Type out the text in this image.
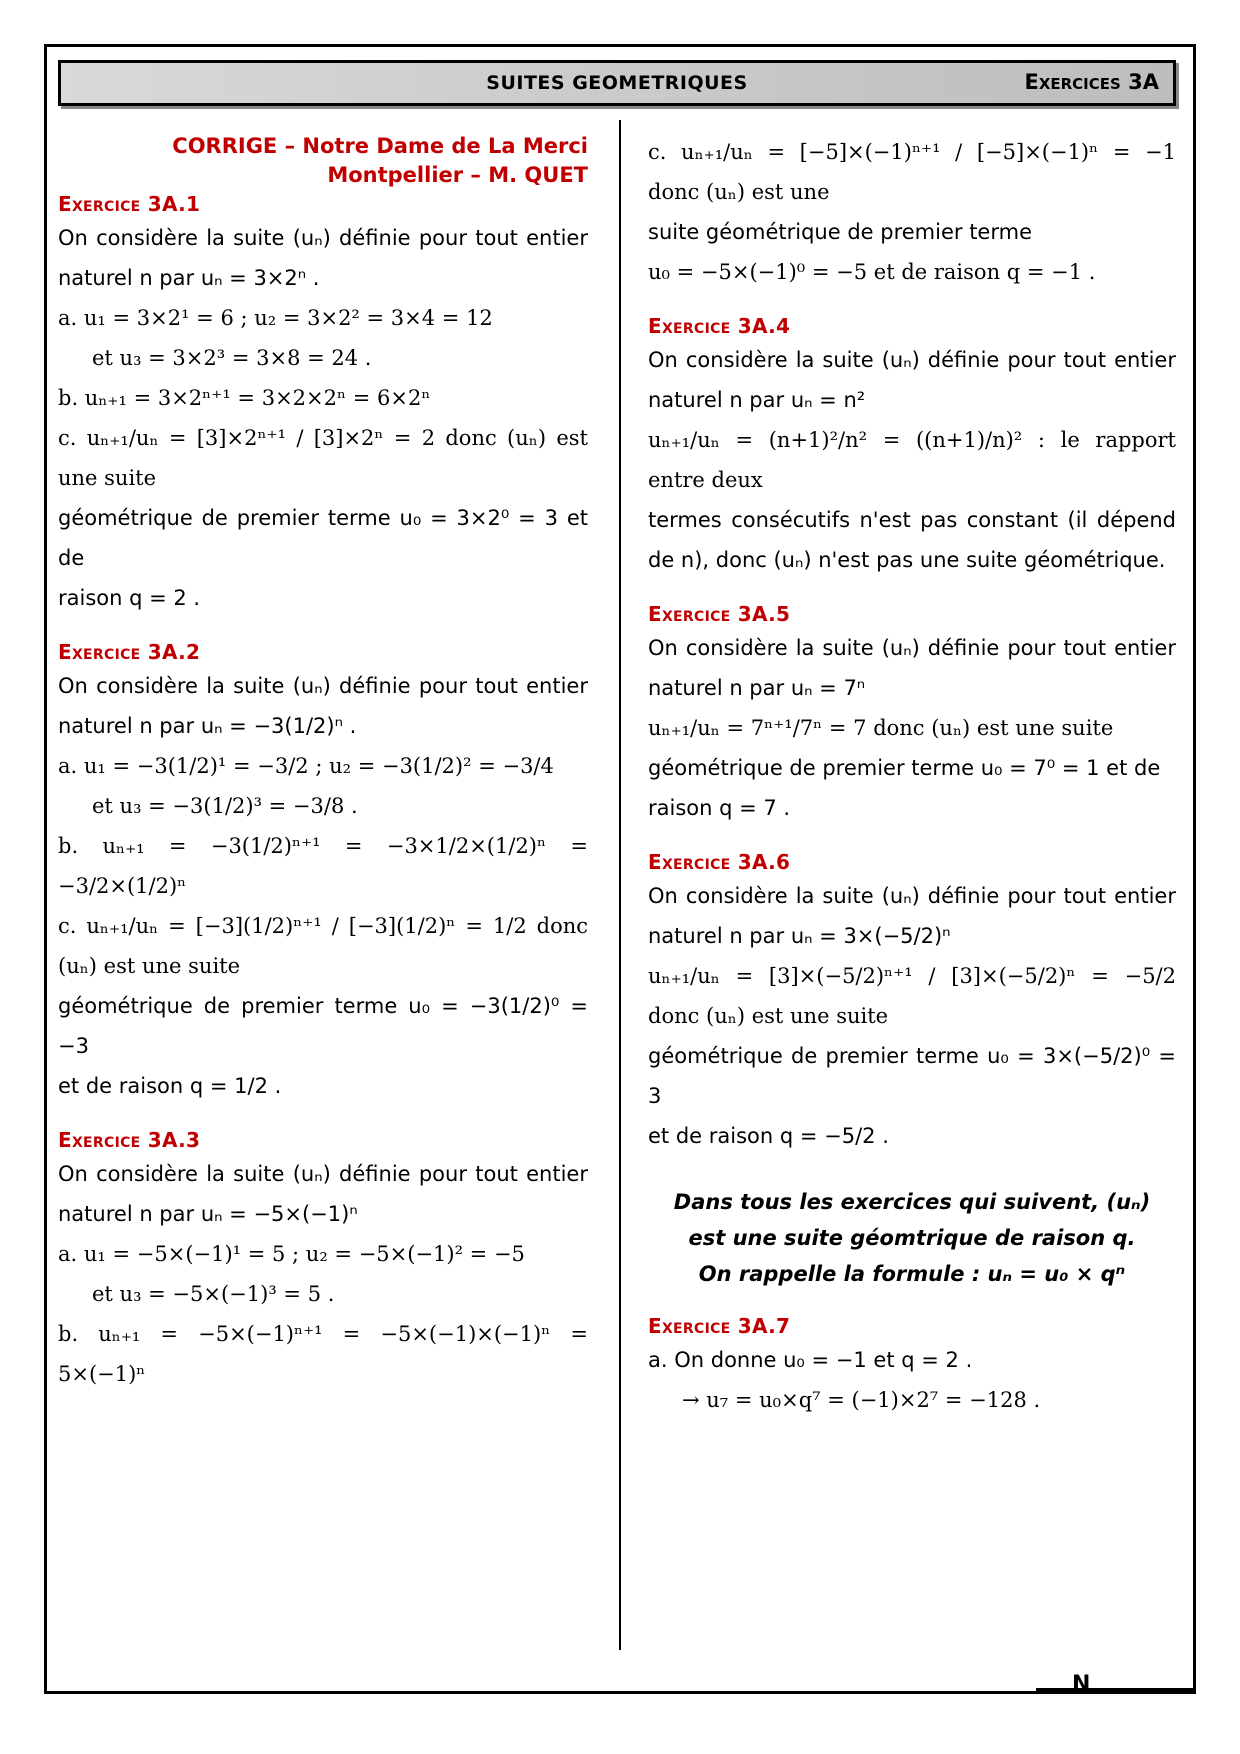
SUITES GEOMETRIQUES	Exercices 3A
CORRIGE – Notre Dame de La Merci
Montpellier – M. QUET
Exercice 3A.1
On considère la suite (uₙ) définie pour tout entier naturel n par uₙ = 3×2ⁿ .
a. u₁ = 3×2¹ = 6 ; u₂ = 3×2² = 3×4 = 12
et u₃ = 3×2³ = 3×8 = 24 .
b. uₙ₊₁ = 3×2ⁿ⁺¹ = 3×2×2ⁿ = 6×2ⁿ
c. uₙ₊₁/uₙ = [3]×2ⁿ⁺¹ / [3]×2ⁿ = 2 donc (uₙ) est une suite
géométrique de premier terme u₀ = 3×2⁰ = 3 et de
raison q = 2 .
Exercice 3A.2
On considère la suite (uₙ) définie pour tout entier naturel n par uₙ = −3(1/2)ⁿ .
a. u₁ = −3(1/2)¹ = −3/2 ; u₂ = −3(1/2)² = −3/4
et u₃ = −3(1/2)³ = −3/8 .
b. uₙ₊₁ = −3(1/2)ⁿ⁺¹ = −3×1/2×(1/2)ⁿ = −3/2×(1/2)ⁿ
c. uₙ₊₁/uₙ = [−3](1/2)ⁿ⁺¹ / [−3](1/2)ⁿ = 1/2 donc (uₙ) est une suite
géométrique de premier terme u₀ = −3(1/2)⁰ = −3
et de raison q = 1/2 .
Exercice 3A.3
On considère la suite (uₙ) définie pour tout entier naturel n par uₙ = −5×(−1)ⁿ
a. u₁ = −5×(−1)¹ = 5 ; u₂ = −5×(−1)² = −5
et u₃ = −5×(−1)³ = 5 .
b. uₙ₊₁ = −5×(−1)ⁿ⁺¹ = −5×(−1)×(−1)ⁿ = 5×(−1)ⁿ
c. uₙ₊₁/uₙ = [−5]×(−1)ⁿ⁺¹ / [−5]×(−1)ⁿ = −1 donc (uₙ) est une
suite géométrique de premier terme
u₀ = −5×(−1)⁰ = −5 et de raison q = −1 .
Exercice 3A.4
On considère la suite (uₙ) définie pour tout entier naturel n par uₙ = n²
uₙ₊₁/uₙ = (n+1)²/n² = ((n+1)/n)² : le rapport entre deux
termes consécutifs n'est pas constant (il dépend de n), donc (uₙ) n'est pas une suite géométrique.
Exercice 3A.5
On considère la suite (uₙ) définie pour tout entier naturel n par uₙ = 7ⁿ
uₙ₊₁/uₙ = 7ⁿ⁺¹/7ⁿ = 7 donc (uₙ) est une suite
géométrique de premier terme u₀ = 7⁰ = 1 et de
raison q = 7 .
Exercice 3A.6
On considère la suite (uₙ) définie pour tout entier naturel n par uₙ = 3×(−5/2)ⁿ
uₙ₊₁/uₙ = [3]×(−5/2)ⁿ⁺¹ / [3]×(−5/2)ⁿ = −5/2 donc (uₙ) est une suite
géométrique de premier terme u₀ = 3×(−5/2)⁰ = 3
et de raison q = −5/2 .
Dans tous les exercices qui suivent, (uₙ)
est une suite géomtrique de raison q.
On rappelle la formule : uₙ = u₀ × qⁿ
Exercice 3A.7
a. On donne u₀ = −1 et q = 2 .
→ u₇ = u₀×q⁷ = (−1)×2⁷ = −128 .
N
